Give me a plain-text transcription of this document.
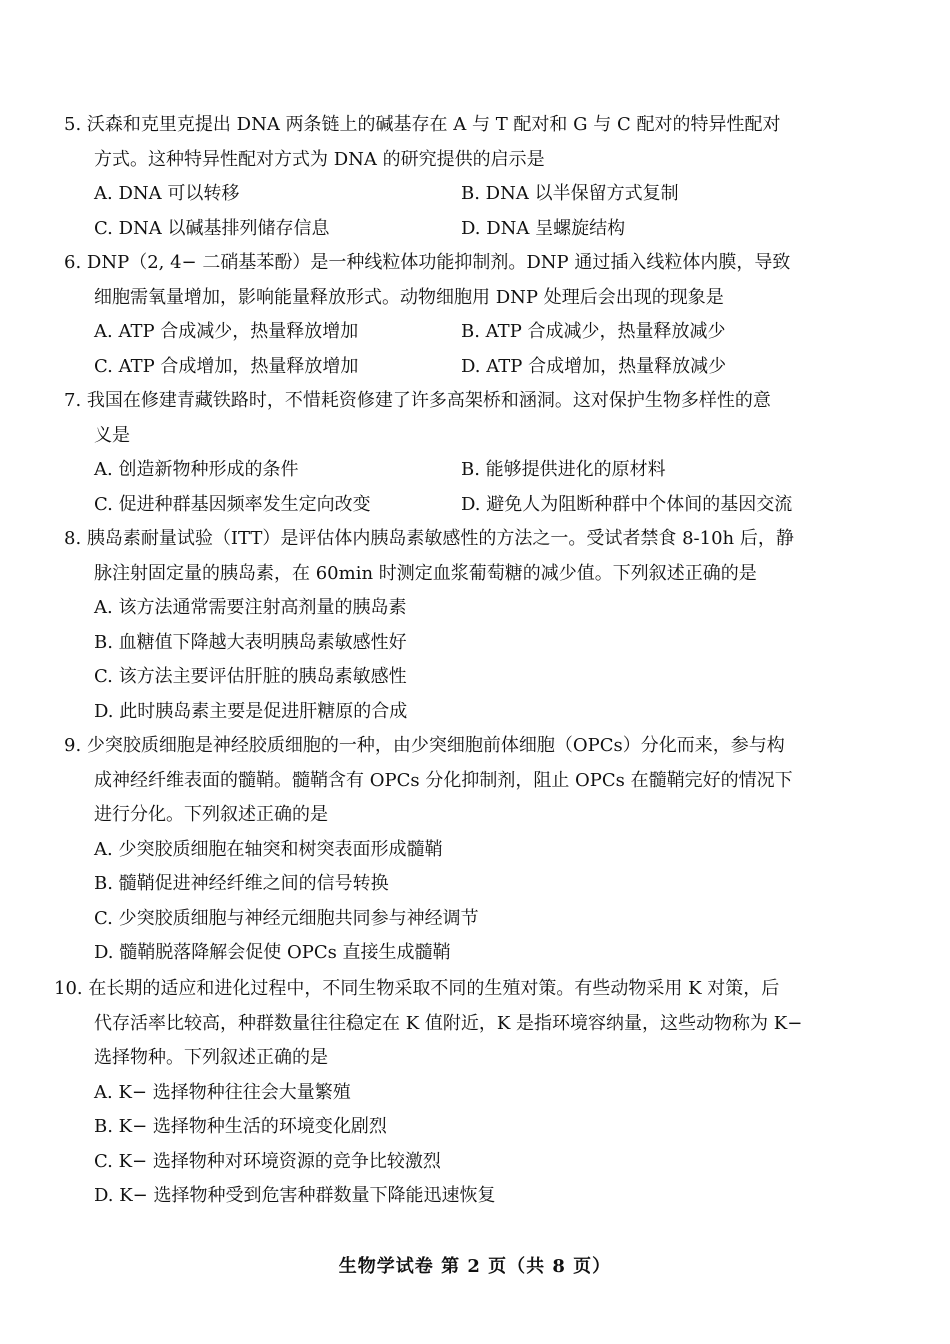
5. 沃森和克里克提出 DNA 两条链上的碱基存在 A 与 T 配对和 G 与 C 配对的特异性配对
方式。这种特异性配对方式为 DNA 的研究提供的启示是
A. DNA 可以转移	B. DNA 以半保留方式复制
C. DNA 以碱基排列储存信息	D. DNA 呈螺旋结构
6. DNP（2, 4− 二硝基苯酚）是一种线粒体功能抑制剂。DNP 通过插入线粒体内膜，导致
细胞需氧量增加，影响能量释放形式。动物细胞用 DNP 处理后会出现的现象是
A. ATP 合成减少，热量释放增加	B. ATP 合成减少，热量释放减少
C. ATP 合成增加，热量释放增加	D. ATP 合成增加，热量释放减少
7. 我国在修建青藏铁路时，不惜耗资修建了许多高架桥和涵洞。这对保护生物多样性的意
义是
A. 创造新物种形成的条件	B. 能够提供进化的原材料
C. 促进种群基因频率发生定向改变	D. 避免人为阻断种群中个体间的基因交流
8. 胰岛素耐量试验（ITT）是评估体内胰岛素敏感性的方法之一。受试者禁食 8-10h 后，静
脉注射固定量的胰岛素，在 60min 时测定血浆葡萄糖的减少值。下列叙述正确的是
A. 该方法通常需要注射高剂量的胰岛素
B. 血糖值下降越大表明胰岛素敏感性好
C. 该方法主要评估肝脏的胰岛素敏感性
D. 此时胰岛素主要是促进肝糖原的合成
9. 少突胶质细胞是神经胶质细胞的一种，由少突细胞前体细胞（OPCs）分化而来，参与构
成神经纤维表面的髓鞘。髓鞘含有 OPCs 分化抑制剂，阻止 OPCs 在髓鞘完好的情况下
进行分化。下列叙述正确的是
A. 少突胶质细胞在轴突和树突表面形成髓鞘
B. 髓鞘促进神经纤维之间的信号转换
C. 少突胶质细胞与神经元细胞共同参与神经调节
D. 髓鞘脱落降解会促使 OPCs 直接生成髓鞘
10. 在长期的适应和进化过程中，不同生物采取不同的生殖对策。有些动物采用 K 对策，后
代存活率比较高，种群数量往往稳定在 K 值附近，K 是指环境容纳量，这些动物称为 K−
选择物种。下列叙述正确的是
A. K− 选择物种往往会大量繁殖
B. K− 选择物种生活的环境变化剧烈
C. K− 选择物种对环境资源的竞争比较激烈
D. K− 选择物种受到危害种群数量下降能迅速恢复
生物学试卷 第 2 页（共 8 页）
